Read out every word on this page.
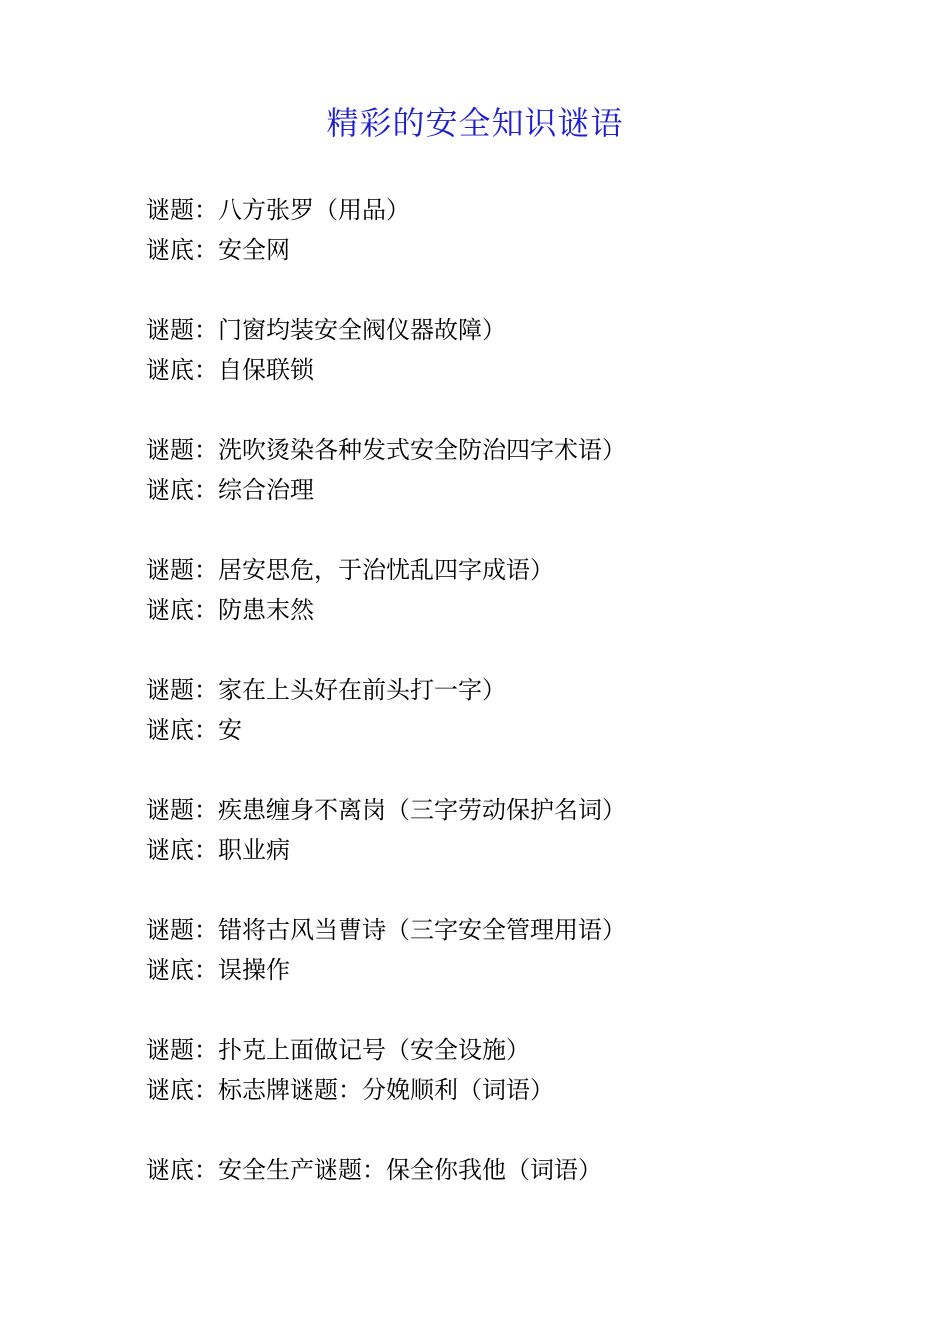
精彩的安全知识谜语
谜题：八方张罗（用品）
谜底：安全网
谜题：门窗均装安全阀仪器故障）
谜底：自保联锁
谜题：洗吹烫染各种发式安全防治四字术语）
谜底：综合治理
谜题：居安思危，于治忧乱四字成语）
谜底：防患末然
谜题：家在上头好在前头打一字）
谜底：安
谜题：疾患缠身不离岗（三字劳动保护名词）
谜底：职业病
谜题：错将古风当曹诗（三字安全管理用语）
谜底：误操作
谜题：扑克上面做记号（安全设施）
谜底：标志牌谜题：分娩顺利（词语）
谜底：安全生产谜题：保全你我他（词语）
